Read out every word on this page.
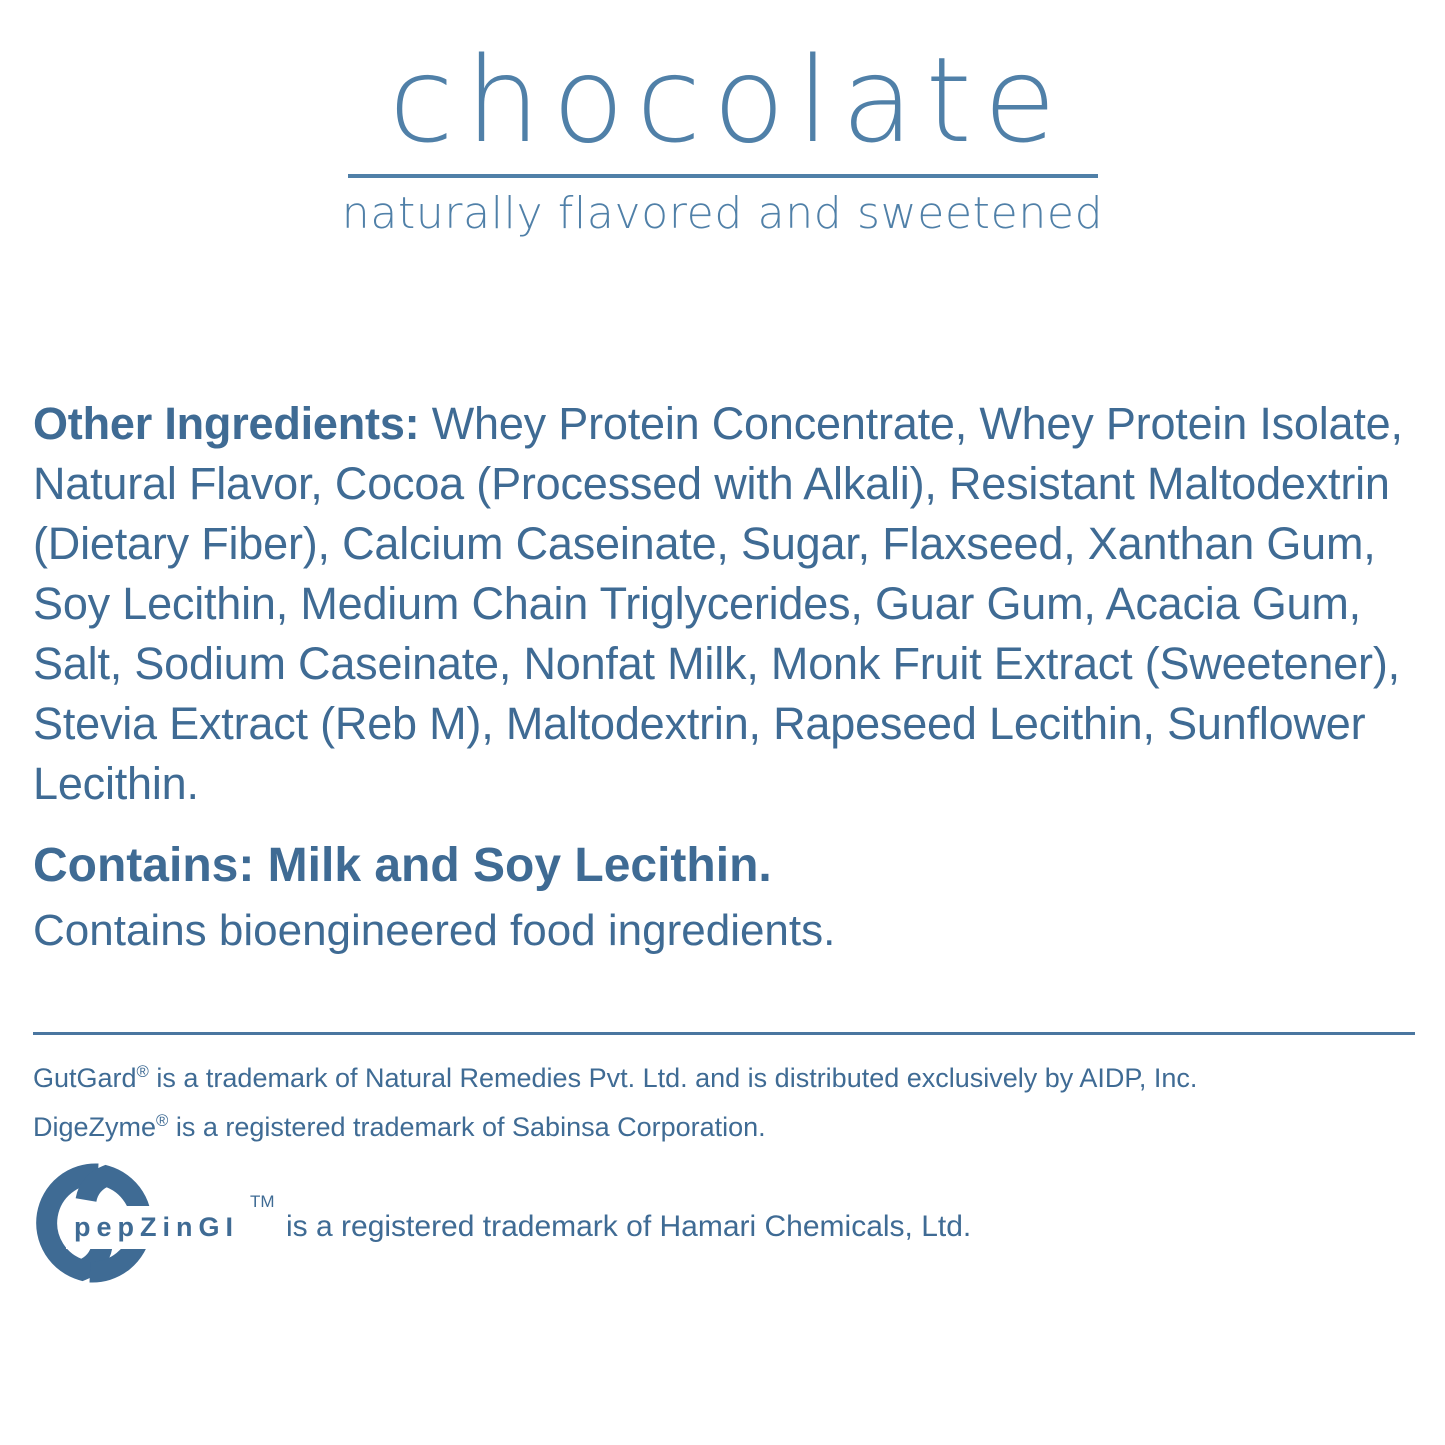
chocolate
naturally flavored and sweetened
Other Ingredients: Whey Protein Concentrate, Whey Protein Isolate, Natural Flavor, Cocoa (Processed with Alkali), Resistant Maltodextrin (Dietary Fiber), Calcium Caseinate, Sugar, Flaxseed, Xanthan Gum, Soy Lecithin, Medium Chain Triglycerides, Guar Gum, Acacia Gum, Salt, Sodium Caseinate, Nonfat Milk, Monk Fruit Extract (Sweetener), Stevia Extract (Reb M), Maltodextrin, Rapeseed Lecithin, Sunflower Lecithin.
Contains: Milk and Soy Lecithin.
Contains bioengineered food ingredients.
GutGard® is a trademark of Natural Remedies Pvt. Ltd. and is distributed exclusively by AIDP, Inc.
DigeZyme® is a registered trademark of Sabinsa Corporation.
pepZinGI
TM
is a registered trademark of Hamari Chemicals, Ltd.
